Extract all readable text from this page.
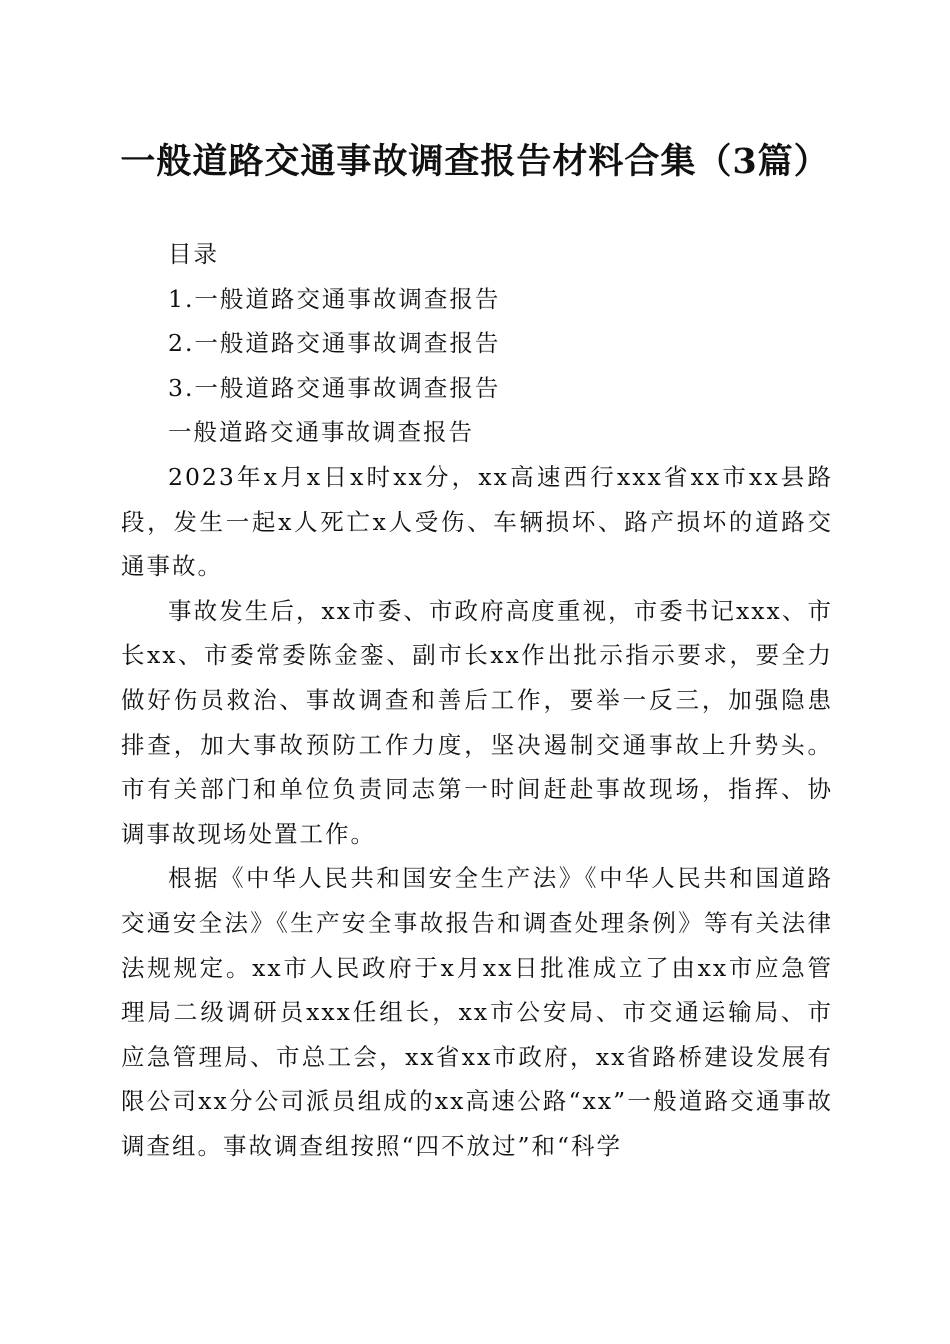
一般道路交通事故调查报告材料合集（3篇）

目录

1.一般道路交通事故调查报告

2.一般道路交通事故调查报告

3.一般道路交通事故调查报告

一般道路交通事故调查报告

2023年x月x日x时xx分，xx高速西行xxx省xx市xx县路段，发生一起x人死亡x人受伤、车辆损坏、路产损坏的道路交通事故。

事故发生后，xx市委、市政府高度重视，市委书记xxx、市长xx、市委常委陈金銮、副市长xx作出批示指示要求，要全力做好伤员救治、事故调查和善后工作，要举一反三，加强隐患排查，加大事故预防工作力度，坚决遏制交通事故上升势头。市有关部门和单位负责同志第一时间赶赴事故现场，指挥、协调事故现场处置工作。

根据《中华人民共和国安全生产法》《中华人民共和国道路交通安全法》《生产安全事故报告和调查处理条例》等有关法律法规规定。xx市人民政府于x月xx日批准成立了由xx市应急管理局二级调研员xxx任组长，xx市公安局、市交通运输局、市应急管理局、市总工会，xx省xx市政府，xx省路桥建设发展有限公司xx分公司派员组成的xx高速公路“xx”一般道路交通事故调查组。事故调查组按照“四不放过”和“科学
